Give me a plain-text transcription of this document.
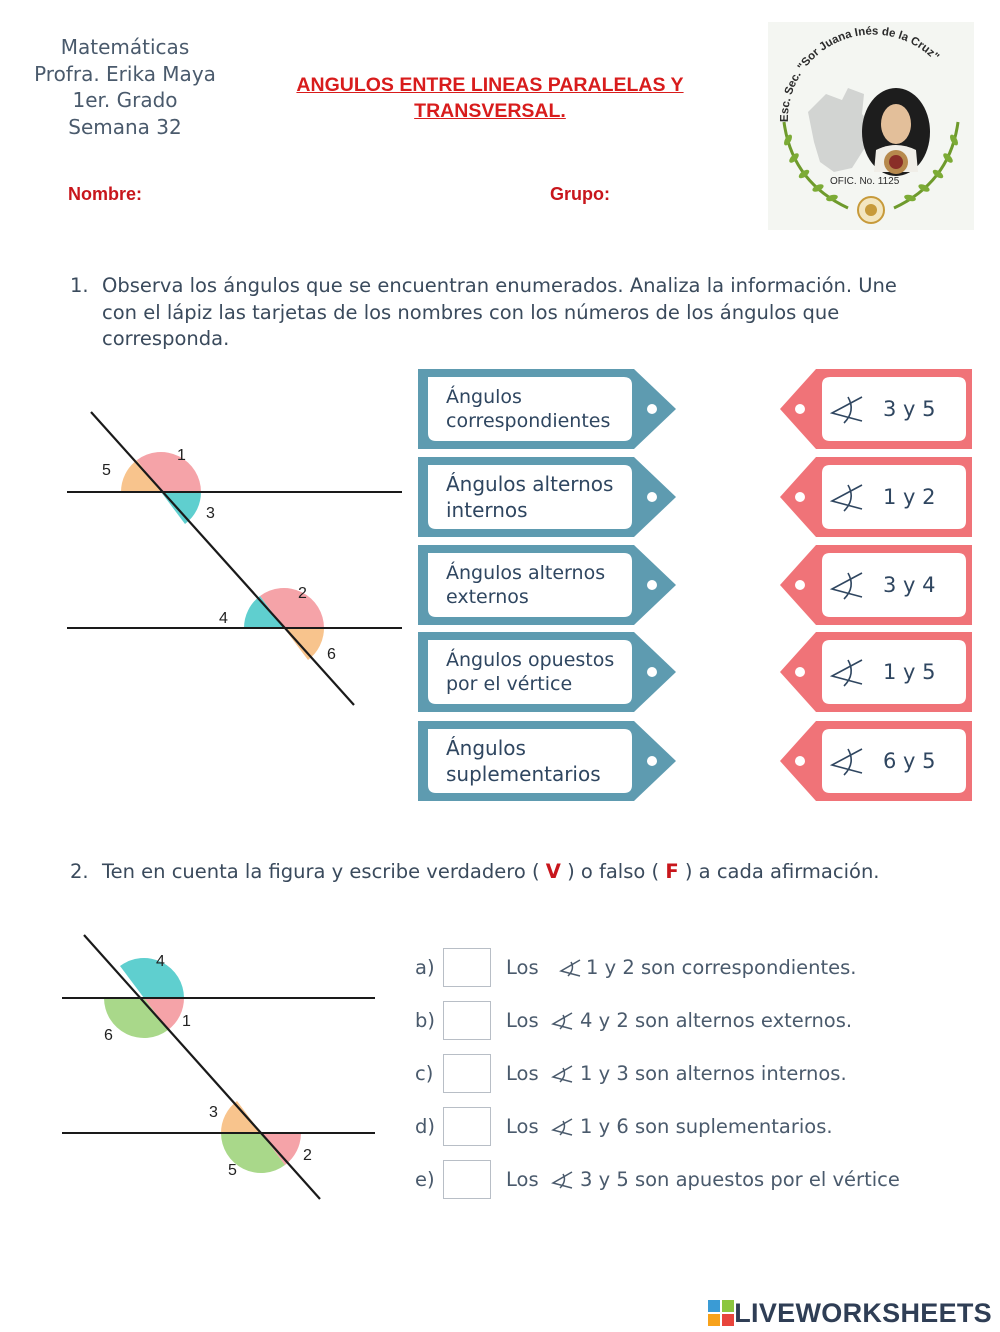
Matemáticas
Profra. Erika Maya
1er. Grado
Semana 32
ANGULOS ENTRE LINEAS PARALELAS Y TRANSVERSAL.
Nombre:	Grupo:
Esc. Sec. "Sor Juana Inés de la Cruz"
OFIC. No. 1125
1. Observa los ángulos que se encuentran enumerados. Analiza la información. Une con el lápiz las tarjetas de los nombres con los números de los ángulos que corresponda.
1
3
5
2
4
6
Ángulos correspondientes
Ángulos alternos internos
Ángulos alternos externos
Ángulos opuestos por el vértice
Ángulos suplementarios
3 y 5
1 y 2
3 y 4
1 y 5
6 y 5
2. Ten en cuenta la figura y escribe verdadero ( V ) o falso ( F ) a cada afirmación.
4
1
6
3
2
5
a)	Los 1 y 2 son correspondientes.
b)	Los 4 y 2 son alternos externos.
c)	Los 1 y 3 son alternos internos.
d)	Los 1 y 6 son suplementarios.
e)	Los 3 y 5 son apuestos por el vértice
LIVEWORKSHEETS
